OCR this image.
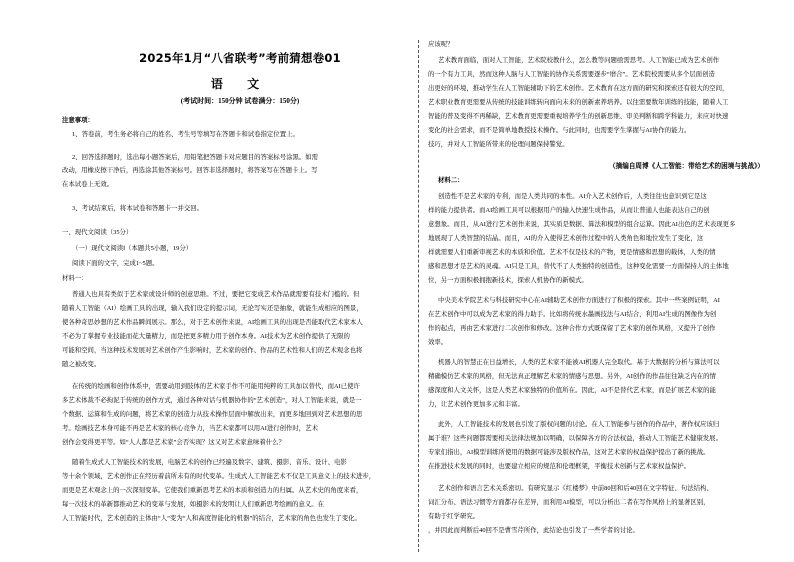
2025年1月“八省联考”考前猜想卷01
语 文
(考试时间：150分钟 试卷满分：150分)
注意事项：
1、答卷前，考生务必将自己的姓名、考生号等填写在答题卡和试卷指定位置上。
2、回答选择题时，选出每小题答案后，用铅笔把答题卡对应题目的答案标号涂黑。如需
改动，用橡皮擦干净后，再选涂其他答案标号。回答非选择题时，将答案写在答题卡上。写
在本试卷上无效。
3、考试结束后，将本试卷和答题卡一并交回。
一、现代文阅读（35分）
（一）现代文阅读Ⅰ（本题共5小题，19分）
阅读下面的文字，完成1~5题。
材料一：
普通人也具有类似于艺术家或设计师的创意思维。不过，要把它变成艺术作品就需要有技术门槛的。但
随着人工智能（AI）绘画工具的出现，输入我们设定的提示词，无论写实还是抽象，就能生成相应的图景，
使各种奇思妙想的艺术作品瞬间展示。那么，对于艺术创作来说，AI绘画工具的出现是否能取代艺术家本人
不必为了掌握专业技能而花大量精力，而是把更多精力用于创作本身。AI技术为艺术创作提供了无限的
可能和空间，当这种技术发展对艺术创作产生影响时，艺术家的创作、作品的艺术性和人们的艺术观念也将
随之被改变。
在传统的绘画和创作体系中，需要动用到肢体的艺术家手作不可能用纯粹的工具加以替代，而AI已使许
多艺术体裁不必拘泥于传统的创作方式，通过各种对话与机器协作的“艺术创造”，对人工智能来说，就是一
个数据、运算和生成的问题，将艺术家的创造力从技术操作层面中解放出来，而更多地回到对艺术思想的思
考。绘画技艺本身可能不再是艺术家的核心竞争力，当艺术家都可以用AI进行创作时，艺术
创作会变得更平等。如“人人都是艺术家”会否实现？这又对艺术家意味着什么？
随着生成式人工智能技术的发展，电脑艺术的创作已经遍及数字、建筑、摄影、音乐、设计、电影
等十余个领域，艺术创作正在经历着前所未有的时代变革。生成式人工智能艺术不仅是工具意义上的技术进步，
而更是艺术观念上的一次深刻变革。它使我们重新思考艺术的本质和创造力的归属。从艺术史的角度来看，
每一次技术的革新都推动艺术的变革与发展，如摄影术的发明让人们重新思考绘画的意义。在
人工智能时代，艺术创造的主体由“人”变为“人和高度智能化的机器”的结合，艺术家的角色也发生了变化。
应该呢？
艺术教育面临，面对人工智能，艺术院校教什么，怎么教等问题亟需思考。人工智能已成为艺术创作
的一个有力工具，然而这种人脑与人工智能的协作关系需要逐步“磨合”。艺术院校需要从多个层面创造
出更好的环境，推动学生在人工智能辅助下的艺术创作。艺术教育在这方面的研究和探索还有很大的空间，
艺术职业教育更需要从传统的技能训练转向面向未来的创新素养培养。以往需要数年训练的技能，随着人工
智能的普及变得不再稀缺，艺术教育更需要重视培养学生的创新思维、审美判断和跨学科能力，来应对快速
变化的社会需求，而不是简单地教授技术操作。与此同时，也需要学生掌握与AI协作的能力。
技巧，并对人工智能所带来的伦理问题保持警觉。
（摘编自周博《人工智能：带给艺术的困境与挑战》）
材料二：
创造性不是艺术家的专利，而是人类共同的本性。AI介入艺术创作后，人类往往也意识到它是这
样的能力提供者。而AI绘画工具可以根据用户的输入快速生成作品，从而让普通人也能表达自己的创
意想象。而且，从AI进行艺术创作来说，其实质是数据、算法和模型的组合运算。因此AI出色的艺术表现更多
地展现了人类智慧的结晶。而且，AI的介入使得艺术创作过程中的人类角色和地位发生了变化，这
样就需要人们重新审视艺术的本质和价值。艺术不仅是技术的产物，更是情感和思想的载体，人类的情
感和思想才是艺术的灵魂。AI只是工具，替代不了人类独特的创造性，这种变化需要一方面保持人的主体地
位，另一方面积极拥抱新技术，探索人机协作的新模式。
中央美术学院艺术与科技研究中心在AI辅助艺术创作方面进行了积极的探索。其中一些案例证明，AI
在艺术创作中可以成为艺术家的得力助手。比如将传统水墨画技法与AI结合，利用AI生成的图像作为创
作的起点，再由艺术家进行二次创作和修改。这种合作方式既保留了艺术家的创作风格，又提升了创作
效率。
机器人的智慧正在日益增长，人类的艺术家不能被AI机器人完全取代。基于大数据的分析与算法可以
精确模仿艺术家的风格，但无法真正理解艺术家的情感与思想。另外，AI创作的作品往往缺乏内在的情
感深度和人文关怀，这是人类艺术家独特的价值所在。因此，AI不是替代艺术家，而是扩展艺术家的能
力，让艺术创作更加多元和丰富。
此外，人工智能技术的发展也引发了版权问题的讨论。在人工智能参与创作的作品中，著作权应该归
属于谁？这些问题都需要相关法律法规加以明确，以保障各方的合法权益，推动人工智能艺术健康发展。
专家们指出，AI模型训练所使用的数据可能涉及版权作品，这对艺术家的权益保护提出了新的挑战。
在推进技术发展的同时，也要建立相应的规范和伦理框架，平衡技术创新与艺术家权益保护。
艺术创作和语言艺术关系密切。有研究显示《红楼梦》中前80回和后40回在文字特征、句法结构、
词汇分布、语法习惯等方面都存在差异，而利用AI模型，可以分析出二者在写作风格上的显著区别，
有助于红学研究。
，并因此而判断后40回不是曹雪芹所作，此结论也引发了一些学者的讨论。
